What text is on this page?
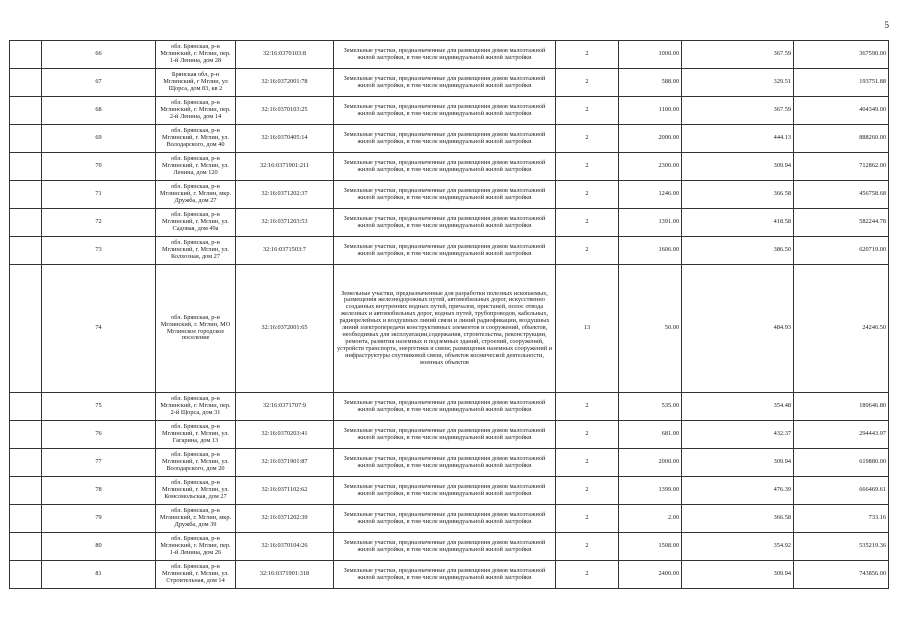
5
	66	обл. Брянская, р-н Мглинский, г. Мглин, пер. 1-й Ленина, дом 28	32:16:0370103:8	Земельные участки, предназначенные для размещения домов малоэтажной жилой застройки, в том числе индивидуальной жилой застройки	2	1000.00	367.59	367590.00
	67	Брянская обл, р-н Мглинский, г Мглин, ул Щорса, дом 83, кв 2	32:16:0372001:78	Земельные участки, предназначенные для размещения домов малоэтажной жилой застройки, в том числе индивидуальной жилой застройки	2	588.00	329.51	193751.88
	68	обл. Брянская, р-н Мглинский, г. Мглин, пер. 2-й Ленина, дом 14	32:16:0370103:25	Земельные участки, предназначенные для размещения домов малоэтажной жилой застройки, в том числе индивидуальной жилой застройки	2	1100.00	367.59	404349.00
	69	обл. Брянская, р-н Мглинский, г. Мглин, ул. Володарского, дом 40	32:16:0370405:14	Земельные участки, предназначенные для размещения домов малоэтажной жилой застройки, в том числе индивидуальной жилой застройки	2	2000.00	444.13	888260.00
	70	обл. Брянская, р-н Мглинский, г. Мглин, ул. Ленина, дом 120	32:16:0371901:211	Земельные участки, предназначенные для размещения домов малоэтажной жилой застройки, в том числе индивидуальной жилой застройки	2	2300.00	309.94	712862.00
	71	обл. Брянская, р-н Мглинский, г. Мглин, мкр. Дружба, дом 27	32:16:0371202:37	Земельные участки, предназначенные для размещения домов малоэтажной жилой застройки, в том числе индивидуальной жилой застройки	2	1246.00	366.58	456758.68
	72	обл. Брянская, р-н Мглинский, г. Мглин, ул. Садовая, дом 49а	32:16:0371203:53	Земельные участки, предназначенные для размещения домов малоэтажной жилой застройки, в том числе индивидуальной жилой застройки	2	1391.00	418.58	582244.78
	73	обл. Брянская, р-н Мглинский, г. Мглин, ул. Колхозная, дом 27	32:16:0371503:7	Земельные участки, предназначенные для размещения домов малоэтажной жилой застройки, в том числе индивидуальной жилой застройки	2	1606.00	386.50	620719.00
	74	обл. Брянская, р-н Мглинский, г. Мглин, МО Мглинское городское поселение	32:16:0372001:65	Земельные участки, предназначенные для разработки полезных ископаемых, размещения железнодорожных путей, автомобильных дорог, искусственно созданных внутренних водных путей, причалов, пристаней, полос отвода железных и автомобильных дорог, водных путей, трубопроводов, кабельных, радиорелейных и воздушных линий связи и линий радиофикации, воздушных линий электропередачи конструктивных элементов и сооружений, объектов, необходимых для эксплуатации,содержания, строительства, реконструкции, ремонта, развития наземных и подземных зданий, строений, сооружений, устройств транспорта, энергетики и связи; размещения наземных сооружений и инфраструктуры спутниковой связи, объектов космической деятельности, военных объектов	13	50.00	484.93	24246.50
	75	обл. Брянская, р-н Мглинский, г. Мглин, пер. 2-й Щорса, дом 31	32:16:0371707:9	Земельные участки, предназначенные для размещения домов малоэтажной жилой застройки, в том числе индивидуальной жилой застройки	2	535.00	354.48	189646.80
	76	обл. Брянская, р-н Мглинский, г. Мглин, ул. Гагарина, дом 13	32:16:0370203:41	Земельные участки, предназначенные для размещения домов малоэтажной жилой застройки, в том числе индивидуальной жилой застройки	2	681.00	432.37	294443.97
	77	обл. Брянская, р-н Мглинский, г. Мглин, ул. Володарского, дом 20	32:16:0371901:87	Земельные участки, предназначенные для размещения домов малоэтажной жилой застройки, в том числе индивидуальной жилой застройки	2	2000.00	309.94	619880.00
	78	обл. Брянская, р-н Мглинский, г. Мглин, ул. Комсомольская, дом 27	32:16:0371102:62	Земельные участки, предназначенные для размещения домов малоэтажной жилой застройки, в том числе индивидуальной жилой застройки	2	1399.00	476.39	666469.61
	79	обл. Брянская, р-н Мглинский, г. Мглин, мкр. Дружба, дом 39	32:16:0371202:39	Земельные участки, предназначенные для размещения домов малоэтажной жилой застройки, в том числе индивидуальной жилой застройки	2	2.00	366.58	733.16
	80	обл. Брянская, р-н Мглинский, г. Мглин, пер. 1-й Ленина, дом 26	32:16:0370104:26	Земельные участки, предназначенные для размещения домов малоэтажной жилой застройки, в том числе индивидуальной жилой застройки	2	1508.00	354.92	535219.36
	81	обл. Брянская, р-н Мглинский, г. Мглин, ул. Строительная, дом 14	32:16:0371901:318	Земельные участки, предназначенные для размещения домов малоэтажной жилой застройки, в том числе индивидуальной жилой застройки	2	2400.00	309.94	743856.00
